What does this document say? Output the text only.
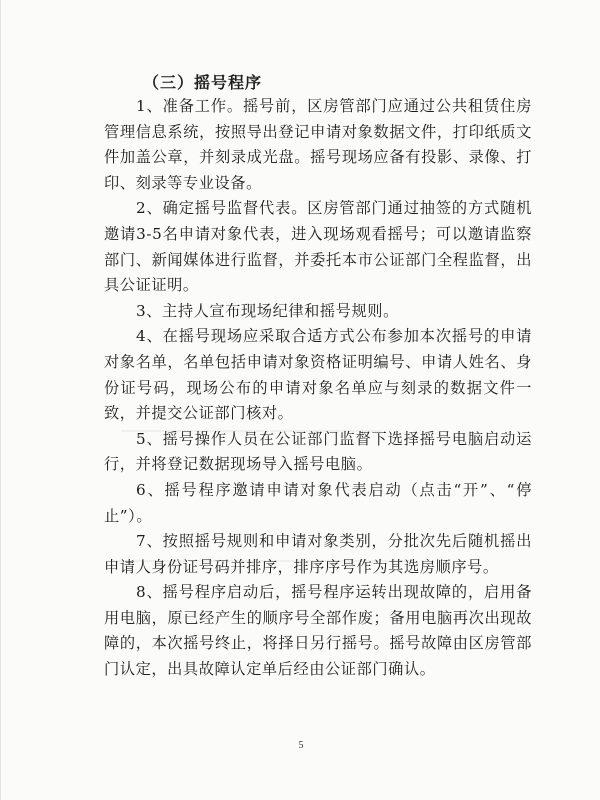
（三）摇号程序

1、准备工作。摇号前，区房管部门应通过公共租赁住房管理信息系统，按照导出登记申请对象数据文件，打印纸质文件加盖公章，并刻录成光盘。摇号现场应备有投影、录像、打印、刻录等专业设备。

2、确定摇号监督代表。区房管部门通过抽签的方式随机邀请3-5名申请对象代表，进入现场观看摇号；可以邀请监察部门、新闻媒体进行监督，并委托本市公证部门全程监督，出具公证证明。

3、主持人宣布现场纪律和摇号规则。

4、在摇号现场应采取合适方式公布参加本次摇号的申请对象名单，名单包括申请对象资格证明编号、申请人姓名、身份证号码，现场公布的申请对象名单应与刻录的数据文件一致，并提交公证部门核对。

5、摇号操作人员在公证部门监督下选择摇号电脑启动运行，并将登记数据现场导入摇号电脑。

6、摇号程序邀请申请对象代表启动（点击“开”、“停止”）。

7、按照摇号规则和申请对象类别，分批次先后随机摇出申请人身份证号码并排序，排序序号作为其选房顺序号。

8、摇号程序启动后，摇号程序运转出现故障的，启用备用电脑，原已经产生的顺序号全部作废；备用电脑再次出现故障的，本次摇号终止，将择日另行摇号。摇号故障由区房管部门认定，出具故障认定单后经由公证部门确认。

5
